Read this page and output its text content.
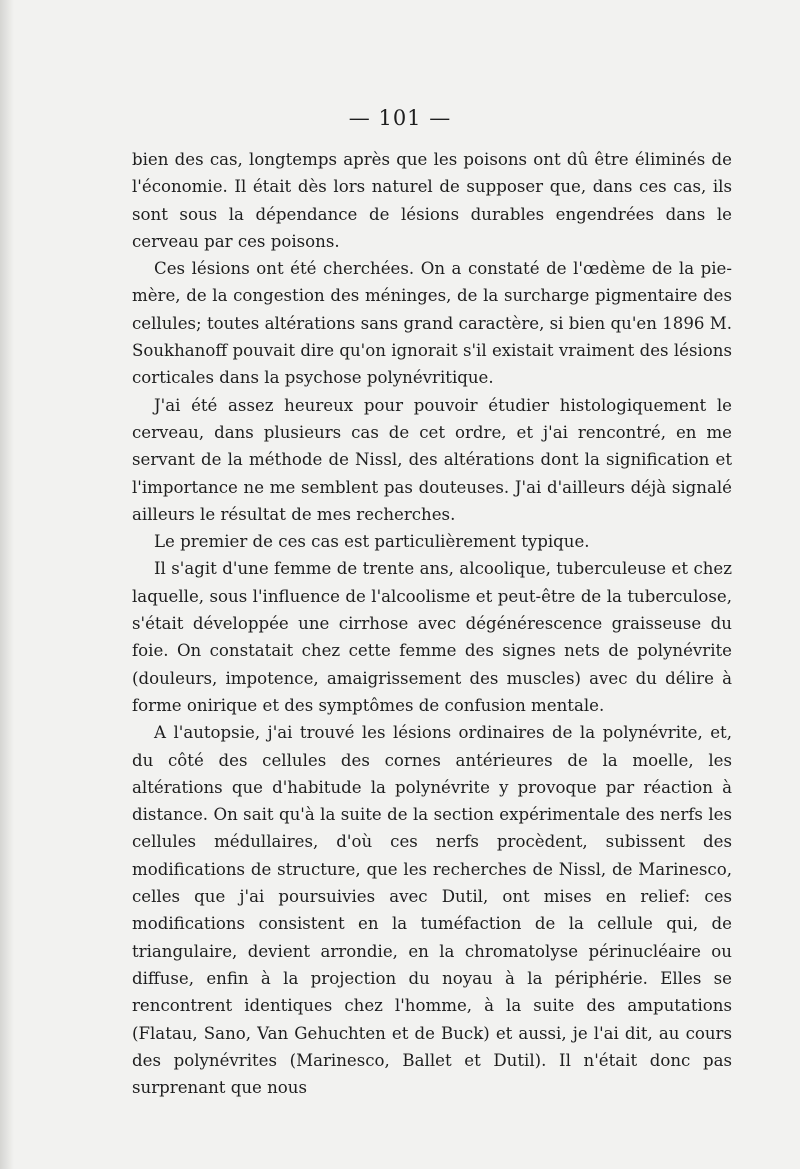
— 101 —

bien des cas, longtemps après que les poisons ont dû être éliminés de l'économie. Il était dès lors naturel de supposer que, dans ces cas, ils sont sous la dépendance de lésions durables engendrées dans le cerveau par ces poisons.

Ces lésions ont été cherchées. On a constaté de l'œdème de la pie-mère, de la congestion des méninges, de la surcharge pigmentaire des cellules; toutes altérations sans grand caractère, si bien qu'en 1896 M. Soukhanoff pouvait dire qu'on ignorait s'il existait vraiment des lésions corticales dans la psychose polynévritique.

J'ai été assez heureux pour pouvoir étudier histologiquement le cerveau, dans plusieurs cas de cet ordre, et j'ai rencontré, en me servant de la méthode de Nissl, des altérations dont la signification et l'importance ne me semblent pas douteuses. J'ai d'ailleurs déjà signalé ailleurs le résultat de mes recherches.

Le premier de ces cas est particulièrement typique.

Il s'agit d'une femme de trente ans, alcoolique, tuberculeuse et chez laquelle, sous l'influence de l'alcoolisme et peut-être de la tuberculose, s'était développée une cirrhose avec dégénérescence graisseuse du foie. On constatait chez cette femme des signes nets de polynévrite (douleurs, impotence, amaigrissement des muscles) avec du délire à forme onirique et des symptômes de confusion mentale.

A l'autopsie, j'ai trouvé les lésions ordinaires de la polynévrite, et, du côté des cellules des cornes antérieures de la moelle, les altérations que d'habitude la polynévrite y provoque par réaction à distance. On sait qu'à la suite de la section expérimentale des nerfs les cellules médullaires, d'où ces nerfs procèdent, subissent des modifications de structure, que les recherches de Nissl, de Marinesco, celles que j'ai poursuivies avec Dutil, ont mises en relief: ces modifications consistent en la tuméfaction de la cellule qui, de triangulaire, devient arrondie, en la chromatolyse périnucléaire ou diffuse, enfin à la projection du noyau à la périphérie. Elles se rencontrent identiques chez l'homme, à la suite des amputations (Flatau, Sano, Van Gehuchten et de Buck) et aussi, je l'ai dit, au cours des polynévrites (Marinesco, Ballet et Dutil). Il n'était donc pas surprenant que nous
